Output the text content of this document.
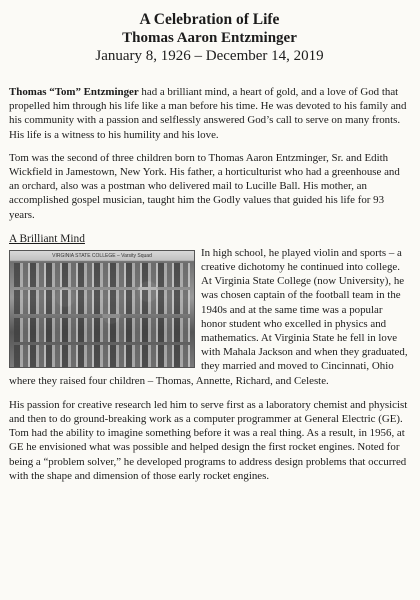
A Celebration of Life
Thomas Aaron Entzminger
January 8, 1926 – December 14, 2019

Thomas “Tom” Entzminger had a brilliant mind, a heart of gold, and a love of God that propelled him through his life like a man before his time. He was devoted to his family and his community with a passion and selflessly answered God’s call to serve on many fronts. His life is a witness to his humility and his love.

Tom was the second of three children born to Thomas Aaron Entzminger, Sr. and Edith Wickfield in Jamestown, New York. His father, a horticulturist who had a greenhouse and an orchard, also was a postman who delivered mail to Lucille Ball. His mother, an accomplished gospel musician, taught him the Godly values that guided his life for 93 years.

A Brilliant Mind
VIRGINIA STATE COLLEGE – Varsity Squad	In high school, he played violin and sports – a creative dichotomy he continued into college. At Virginia State College (now University), he was chosen captain of the football team in the 1940s and at the same time was a popular honor student who excelled in physics and mathematics. At Virginia State he fell in love with Mahala Jackson and when they graduated, they married and moved to Cincinnati, Ohio where they raised four children – Thomas, Annette, Richard, and Celeste.

His passion for creative research led him to serve first as a laboratory chemist and physicist and then to do ground-breaking work as a computer programmer at General Electric (GE). Tom had the ability to imagine something before it was a real thing. As a result, in 1956, at GE he envisioned what was possible and helped design the first rocket engines. Noted for being a “problem solver,” he developed programs to address design problems that occurred with the shape and dimension of those early rocket engines.
